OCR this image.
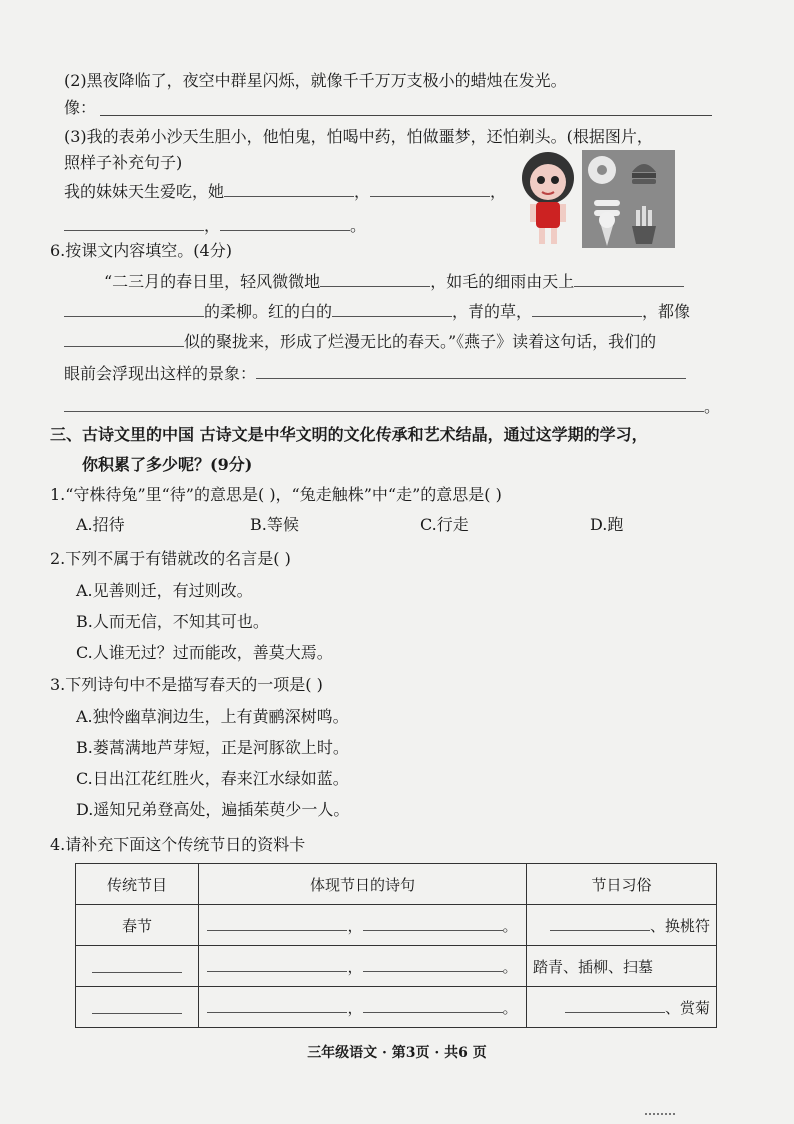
(2)黑夜降临了，夜空中群星闪烁，就像千千万万支极小的蜡烛在发光。
像：
(3)我的表弟小沙天生胆小，他怕鬼，怕喝中药，怕做噩梦，还怕剃头。(根据图片，
照样子补充句子)
我的妹妹天生爱吃，她	，	，
，	。
6.按课文内容填空。(4分)
“二三月的春日里，轻风微微地	，如毛的细雨由天上
的柔柳。红的白的	，青的草，	，都像
似的聚拢来，形成了烂漫无比的春天。”《燕子》读着这句话，我们的
眼前会浮现出这样的景象：
。
三、古诗文里的中国 古诗文是中华文明的文化传承和艺术结晶，通过这学期的学习，
你积累了多少呢？(9分)
1.“守株待兔”里“待”的意思是( )，“兔走触株”中“走”的意思是( )
A.招待	B.等候	C.行走	D.跑
2.下列不属于有错就改的名言是( )
A.见善则迁，有过则改。
B.人而无信，不知其可也。
C.人谁无过？过而能改，善莫大焉。
3.下列诗句中不是描写春天的一项是( )
A.独怜幽草涧边生，上有黄鹂深树鸣。
B.蒌蒿满地芦芽短，正是河豚欲上时。
C.日出江花红胜火，春来江水绿如蓝。
D.遥知兄弟登高处，遍插茱萸少一人。
4.请补充下面这个传统节日的资料卡
传统节目	体现节日的诗句	节日习俗
春节	， 。	、换桃符
	， 。	踏青、插柳、扫墓
	， 。	、赏菊
三年级语文 · 第3页 · 共6 页
